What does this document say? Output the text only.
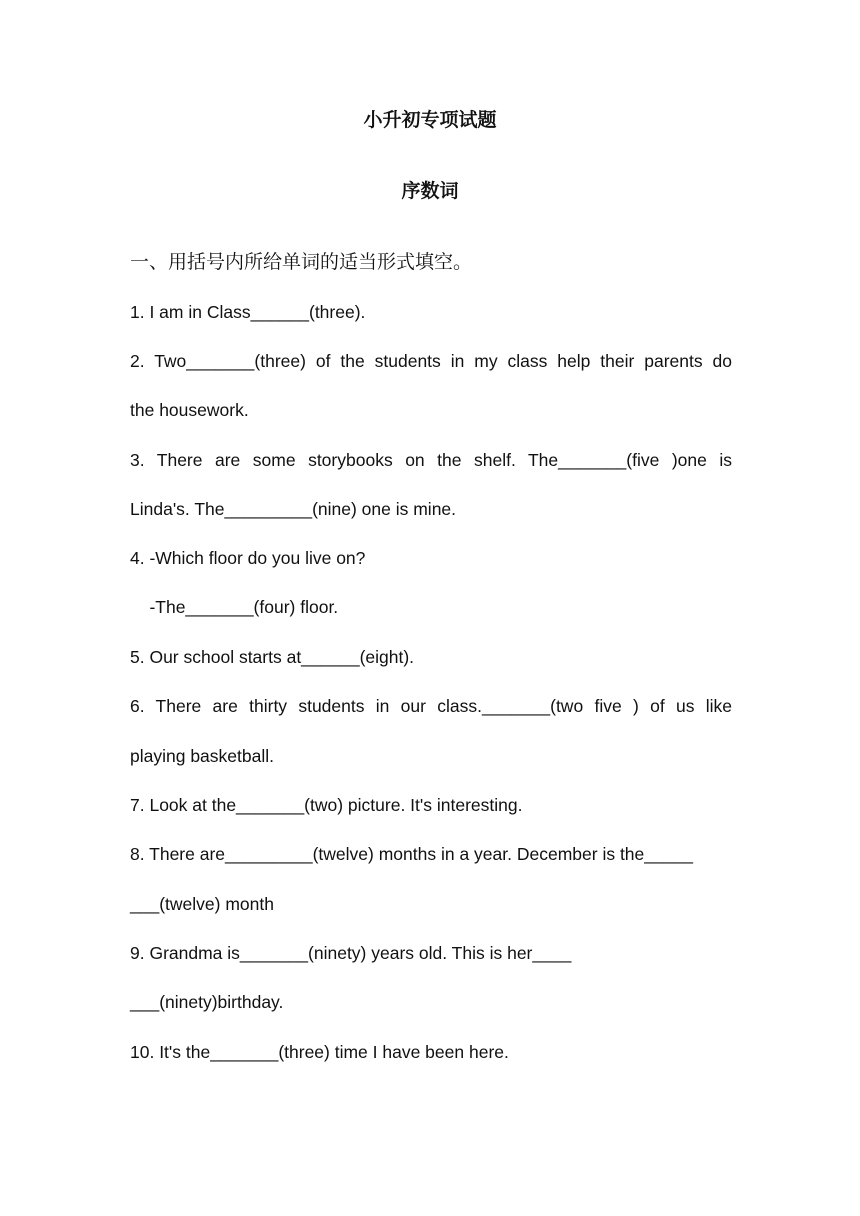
小升初专项试题
序数词
一、用括号内所给单词的适当形式填空。
1. I am in Class______(three).
2. Two_______(three) of the students in my class help their parents do
the housework.
3. There are some storybooks on the shelf. The_______(five )one is
Linda's. The_________(nine) one is mine.
4. -Which floor do you live on?
-The_______(four) floor.
5. Our school starts at______(eight).
6. There are thirty students in our class._______(two five ) of us like
playing basketball.
7. Look at the_______(two) picture. It's interesting.
8. There are_________(twelve) months in a year. December is the_____
___(twelve) month
9. Grandma is_______(ninety) years old. This is her____
___(ninety)birthday.
10. It's the_______(three) time I have been here.
